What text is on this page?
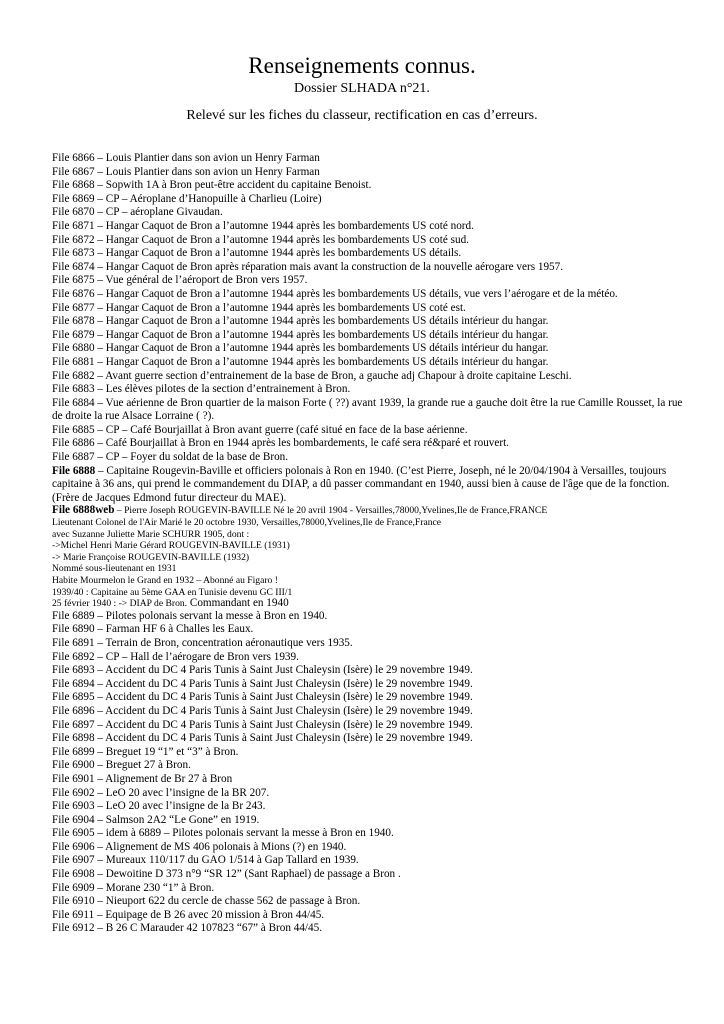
Renseignements connus.
Dossier SLHADA n°21.
Relevé sur les fiches du classeur, rectification en cas d’erreurs.

File 6866 – Louis Plantier dans son avion un Henry Farman

File 6867 – Louis Plantier dans son avion un Henry Farman

File 6868 – Sopwith 1A à Bron peut-être accident du capitaine Benoist.

File 6869 – CP – Aéroplane d’Hanopuille à Charlieu (Loire)

File 6870 – CP – aéroplane Givaudan.

File 6871 – Hangar Caquot de Bron a l’automne 1944 après les bombardements US coté nord.

File 6872 – Hangar Caquot de Bron a l’automne 1944 après les bombardements US coté sud.

File 6873 – Hangar Caquot de Bron a l’automne 1944 après les bombardements US détails.

File 6874 – Hangar Caquot de Bron après réparation mais avant la construction de la nouvelle aérogare vers 1957.

File 6875 – Vue général de l’aéroport de Bron vers 1957.

File 6876 – Hangar Caquot de Bron a l’automne 1944 après les bombardements US détails, vue vers l’aérogare et de la météo.

File 6877 – Hangar Caquot de Bron a l’automne 1944 après les bombardements US coté est.

File 6878 – Hangar Caquot de Bron a l’automne 1944 après les bombardements US détails intérieur du hangar.

File 6879 – Hangar Caquot de Bron a l’automne 1944 après les bombardements US détails intérieur du hangar.

File 6880 – Hangar Caquot de Bron a l’automne 1944 après les bombardements US détails intérieur du hangar.

File 6881 – Hangar Caquot de Bron a l’automne 1944 après les bombardements US détails intérieur du hangar.

File 6882 – Avant guerre section d’entrainement de la base de Bron, a gauche adj Chapour à droite capitaine Leschi.

File 6883 – Les élèves pilotes de la section d’entrainement à Bron.

File 6884 – Vue aérienne de Bron quartier de la maison Forte ( ??) avant 1939, la grande rue a gauche doit être la rue Camille Rousset, la rue de droite la rue Alsace Lorraine ( ?).

File 6885 – CP – Café Bourjaillat à Bron avant guerre (café situé en face de la base aérienne.

File 6886 – Café Bourjaillat à Bron en 1944 après les bombardements, le café sera ré&paré et rouvert.

File 6887 – CP – Foyer du soldat de la base de Bron.

File 6888 – Capitaine Rougevin-Baville et officiers polonais à Ron en 1940. (C’est Pierre, Joseph, né le 20/04/1904 à Versailles, toujours capitaine à 36 ans, qui prend le commandement du DIAP, a dû passer commandant en 1940, aussi bien à cause de l'âge que de la fonction. (Frère de Jacques Edmond futur directeur du MAE).

File 6888web – Pierre Joseph ROUGEVIN-BAVILLE Né le 20 avril 1904 - Versailles,78000,Yvelines,Ile de France,FRANCE

Lieutenant Colonel de l'Air Marié le 20 octobre 1930, Versailles,78000,Yvelines,Ile de France,France

avec Suzanne Juliette Marie SCHURR 1905, dont :

->Michel Henri Marie Gérard ROUGEVIN-BAVILLE (1931)

-> Marie Françoise ROUGEVIN-BAVILLE (1932)

Nommé sous-lieutenant en 1931

Habite Mourmelon le Grand en 1932 – Abonné au Figaro !

1939/40 : Capitaine au 5ème GAA en Tunisie devenu GC III/1

25 février 1940 : -> DIAP de Bron. Commandant en 1940

File 6889 – Pilotes polonais servant la messe à Bron en 1940.

File 6890 – Farman HF 6 à Challes les Eaux.

File 6891 – Terrain de Bron, concentration aéronautique vers 1935.

File 6892 – CP – Hall de l’aérogare de Bron vers 1939.

File 6893 – Accident du DC 4 Paris Tunis à Saint Just Chaleysin (Isère) le 29 novembre 1949.

File 6894 – Accident du DC 4 Paris Tunis à Saint Just Chaleysin (Isère) le 29 novembre 1949.

File 6895 – Accident du DC 4 Paris Tunis à Saint Just Chaleysin (Isère) le 29 novembre 1949.

File 6896 – Accident du DC 4 Paris Tunis à Saint Just Chaleysin (Isère) le 29 novembre 1949.

File 6897 – Accident du DC 4 Paris Tunis à Saint Just Chaleysin (Isère) le 29 novembre 1949.

File 6898 – Accident du DC 4 Paris Tunis à Saint Just Chaleysin (Isère) le 29 novembre 1949.

File 6899 – Breguet 19 “1” et “3” à Bron.

File 6900 – Breguet 27 à Bron.

File 6901 – Alignement de Br 27 à Bron

File 6902 – LeO 20 avec l’insigne de la BR 207.

File 6903 – LeO 20 avec l’insigne de la Br 243.

File 6904 – Salmson 2A2 “Le Gone” en 1919.

File 6905 – idem à 6889 – Pilotes polonais servant la messe à Bron en 1940.

File 6906 – Alignement de MS 406 polonais à Mions (?) en 1940.

File 6907 – Mureaux 110/117 du GAO 1/514 à Gap Tallard en 1939.

File 6908 – Dewoitine D 373 n°9 “SR 12” (Sant Raphael) de passage a Bron .

File 6909 – Morane 230 “1” à Bron.

File 6910 – Nieuport 622 du cercle de chasse 562 de passage à Bron.

File 6911 – Equipage de B 26 avec 20 mission à Bron 44/45.

File 6912 – B 26 C Marauder 42 107823 “67” à Bron 44/45.
